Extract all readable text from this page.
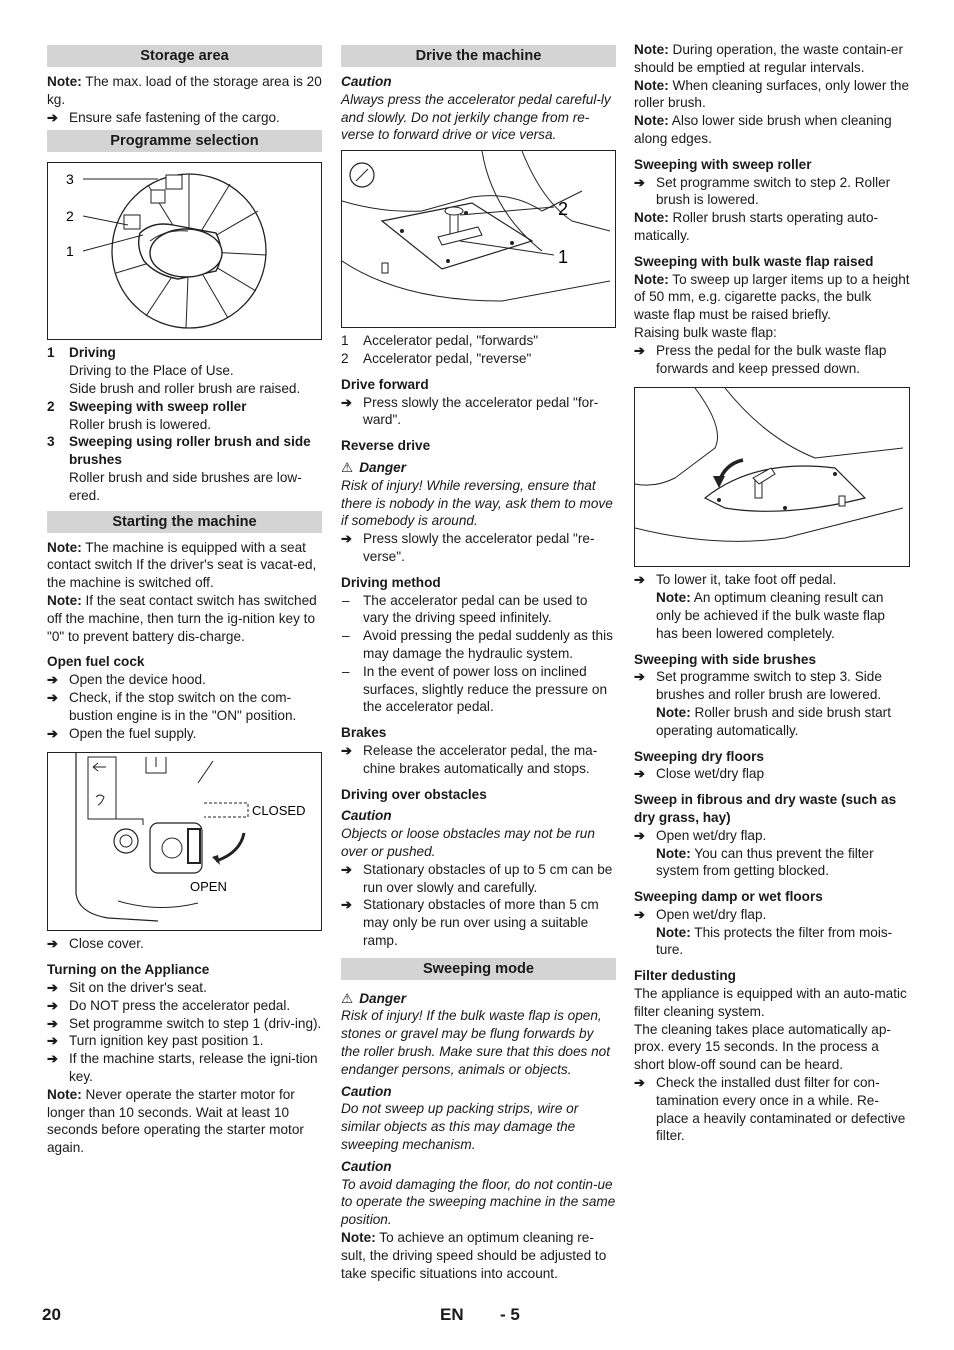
Storage area
Note: The max. load of the storage area is 20 kg.
➔ Ensure safe fastening of the cargo.
Programme selection
3
2
1
1 Driving
Driving to the Place of Use.
Side brush and roller brush are raised.
2 Sweeping with sweep roller
Roller brush is lowered.
3 Sweeping using roller brush and side brushes
Roller brush and side brushes are low-ered.
Starting the machine
Note: The machine is equipped with a seat contact switch If the driver's seat is vacat-ed, the machine is switched off.
Note: If the seat contact switch has switched off the machine, then turn the ig-nition key to "0" to prevent battery dis-charge.
Open fuel cock
➔ Open the device hood.
➔ Check, if the stop switch on the com-bustion engine is in the "ON" position.
➔ Open the fuel supply.
CLOSED
OPEN
➔ Close cover.
Turning on the Appliance
➔ Sit on the driver's seat.
➔ Do NOT press the accelerator pedal.
➔ Set programme switch to step 1 (driv-ing).
➔ Turn ignition key past position 1.
➔ If the machine starts, release the igni-tion key.
Note: Never operate the starter motor for longer than 10 seconds. Wait at least 10 seconds before operating the starter motor again.
Drive the machine
Caution
Always press the accelerator pedal careful-ly and slowly. Do not jerkily change from re-verse to forward drive or vice versa.
2
1
1 Accelerator pedal, "forwards"
2 Accelerator pedal, "reverse"
Drive forward
➔ Press slowly the accelerator pedal "for-ward".
Reverse drive
⚠ Danger
Risk of injury! While reversing, ensure that there is nobody in the way, ask them to move if somebody is around.
➔ Press slowly the accelerator pedal "re-verse".
Driving method
– The accelerator pedal can be used to vary the driving speed infinitely.
– Avoid pressing the pedal suddenly as this may damage the hydraulic system.
– In the event of power loss on inclined surfaces, slightly reduce the pressure on the accelerator pedal.
Brakes
➔ Release the accelerator pedal, the ma-chine brakes automatically and stops.
Driving over obstacles
Caution
Objects or loose obstacles may not be run over or pushed.
➔ Stationary obstacles of up to 5 cm can be run over slowly and carefully.
➔ Stationary obstacles of more than 5 cm may only be run over using a suitable ramp.
Sweeping mode
⚠ Danger
Risk of injury! If the bulk waste flap is open, stones or gravel may be flung forwards by the roller brush. Make sure that this does not endanger persons, animals or objects.
Caution
Do not sweep up packing strips, wire or similar objects as this may damage the sweeping mechanism.
Caution
To avoid damaging the floor, do not contin-ue to operate the sweeping machine in the same position.
Note: To achieve an optimum cleaning re-sult, the driving speed should be adjusted to take specific situations into account.
Note: During operation, the waste contain-er should be emptied at regular intervals.
Note: When cleaning surfaces, only lower the roller brush.
Note: Also lower side brush when cleaning along edges.
Sweeping with sweep roller
➔ Set programme switch to step 2. Roller brush is lowered.
Note: Roller brush starts operating auto-matically.
Sweeping with bulk waste flap raised
Note: To sweep up larger items up to a height of 50 mm, e.g. cigarette packs, the bulk waste flap must be raised briefly.
Raising bulk waste flap:
➔ Press the pedal for the bulk waste flap forwards and keep pressed down.
➔ To lower it, take foot off pedal.
Note: An optimum cleaning result can only be achieved if the bulk waste flap has been lowered completely.
Sweeping with side brushes
➔ Set programme switch to step 3. Side brushes and roller brush are lowered.
Note: Roller brush and side brush start operating automatically.
Sweeping dry floors
➔ Close wet/dry flap
Sweep in fibrous and dry waste (such as dry grass, hay)
➔ Open wet/dry flap.
Note: You can thus prevent the filter system from getting blocked.
Sweeping damp or wet floors
➔ Open wet/dry flap.
Note: This protects the filter from mois-ture.
Filter dedusting
The appliance is equipped with an auto-matic filter cleaning system.
The cleaning takes place automatically ap-prox. every 15 seconds. In the process a short blow-off sound can be heard.
➔ Check the installed dust filter for con-tamination every once in a while. Re-place a heavily contaminated or defective filter.
20	EN - 5
